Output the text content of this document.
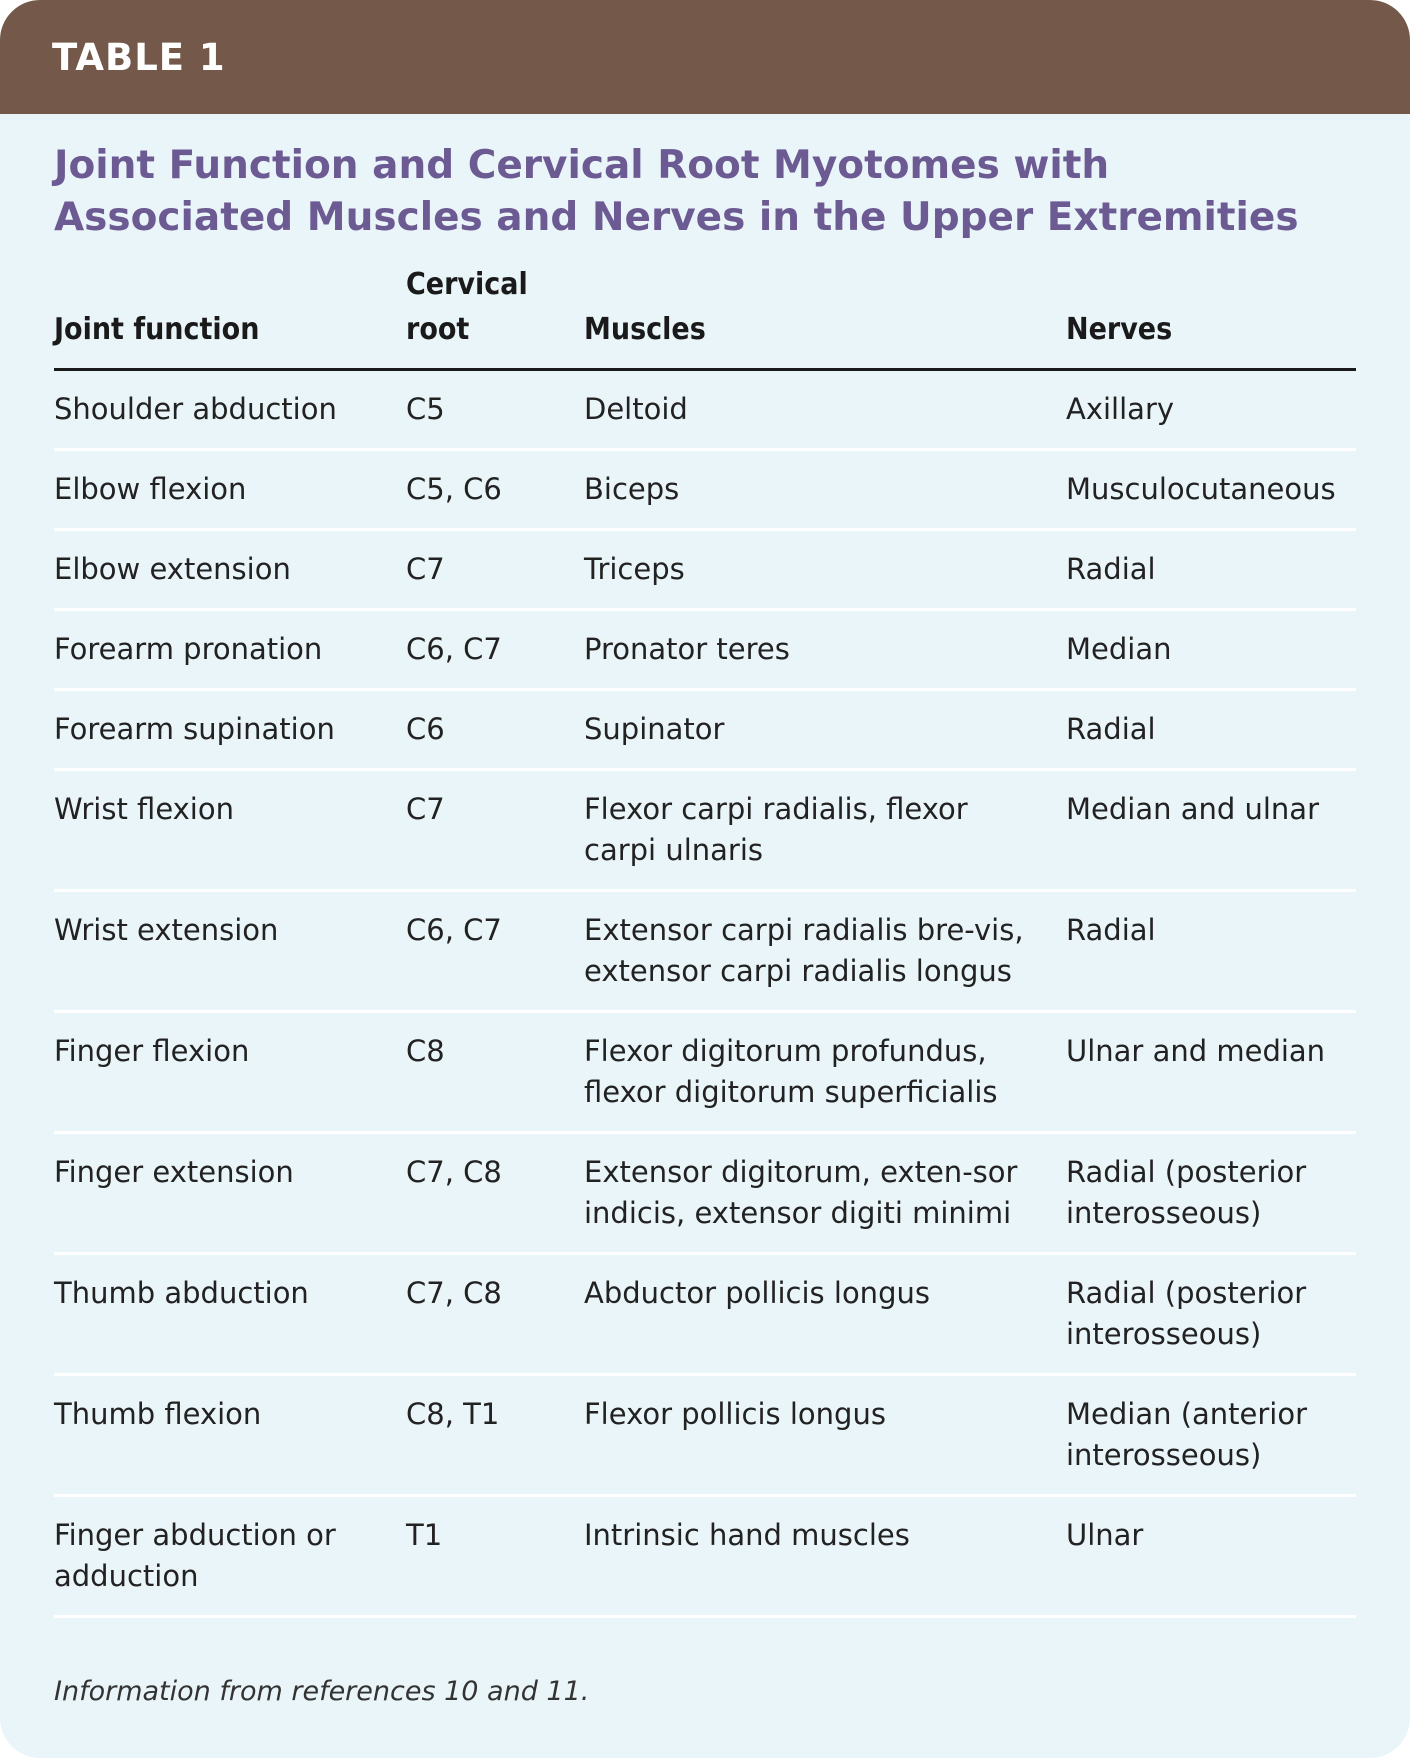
TABLE 1
Joint Function and Cervical Root Myotomes with Associated Muscles and Nerves in the Upper Extremities
Joint function	Cervical root	Muscles	Nerves
Shoulder abduction	C5	Deltoid	Axillary
Elbow flexion	C5, C6	Biceps	Musculocutaneous
Elbow extension	C7	Triceps	Radial
Forearm pronation	C6, C7	Pronator teres	Median
Forearm supination	C6	Supinator	Radial
Wrist flexion	C7	Flexor carpi radialis, flexor carpi ulnaris	Median and ulnar
Wrist extension	C6, C7	Extensor carpi radialis bre-vis, extensor carpi radialis longus	Radial
Finger flexion	C8	Flexor digitorum profundus, flexor digitorum superficialis	Ulnar and median
Finger extension	C7, C8	Extensor digitorum, exten-sor indicis, extensor digiti minimi	Radial (posterior interosseous)
Thumb abduction	C7, C8	Abductor pollicis longus	Radial (posterior interosseous)
Thumb flexion	C8, T1	Flexor pollicis longus	Median (anterior interosseous)
Finger abduction or adduction	T1	Intrinsic hand muscles	Ulnar
Information from references 10 and 11.
